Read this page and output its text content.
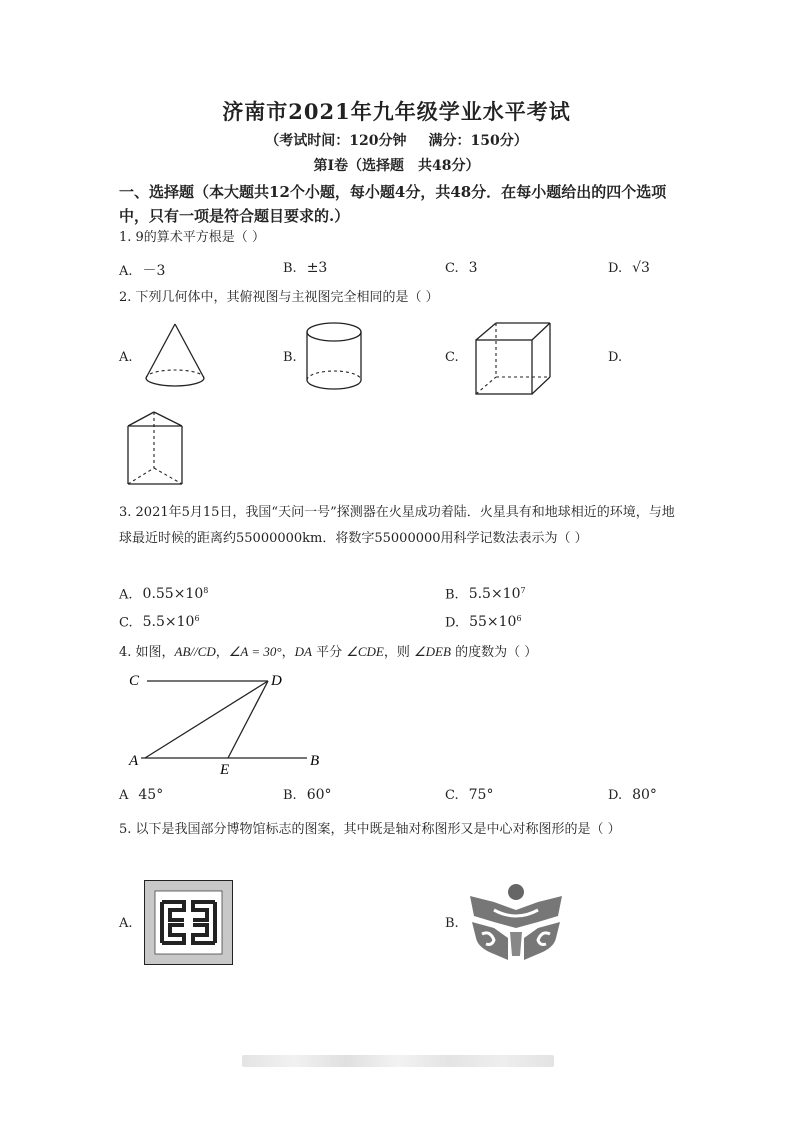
济南市2021年九年级学业水平考试
（考试时间：120分钟 满分：150分）
第Ⅰ卷（选择题　共48分）
一、选择题（本大题共12个小题，每小题4分，共48分．在每小题给出的四个选项中，只有一项是符合题目要求的.）
1. 9的算术平方根是（ ）
A. －3	B. ±3	C. 3	D. √3
2. 下列几何体中，其俯视图与主视图完全相同的是（ ）
A.	B.	C.	D.
3. 2021年5月15日，我国“天问一号”探测器在火星成功着陆．火星具有和地球相近的环境，与地球最近时候的距离约55000000km．将数字55000000用科学记数法表示为（ ）
A. $0.55\times 10^8$	B. $5.5\times 10^7$
C. $5.5\times 10^6$	D. $55\times 10^6$
4. 如图，AB//CD，∠A = 30°，DA 平分 ∠CDE，则 ∠DEB 的度数为（ ）
C	D
A
E
B
A 45°	B. 60°	C. 75°	D. 80°
5. 以下是我国部分博物馆标志的图案，其中既是轴对称图形又是中心对称图形的是（ ）
A.	B.
